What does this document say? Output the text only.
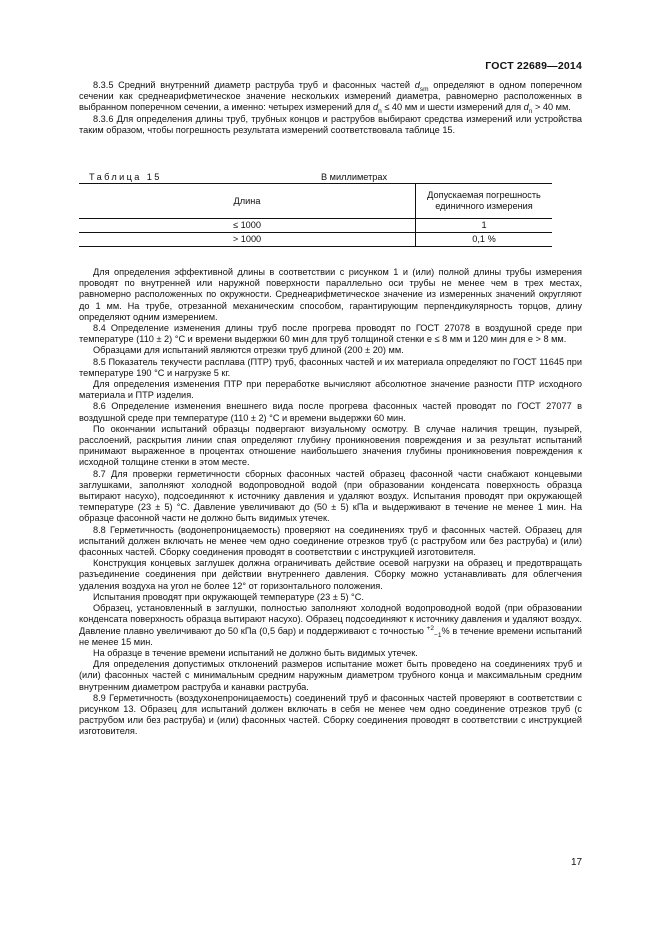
ГОСТ 22689—2014

8.3.5 Средний внутренний диаметр раструба труб и фасонных частей $d_{sm}$ определяют в одном поперечном сечении как среднеарифметическое значение нескольких измерений диаметра, равномерно расположенных в выбранном поперечном сечении, а именно: четырех измерений для $d_n \le 40$ мм и шести измерений для $d_n > 40$ мм.

8.3.6 Для определения длины труб, трубных концов и раструбов выбирают средства измерений или устройства таким образом, чтобы погрешность результата измерений соответствовала таблице 15.

Таблица 15	В миллиметрах
Длина	Допускаемая погрешность
единичного измерения
≤ 1000	1
> 1000	0,1 %

Для определения эффективной длины в соответствии с рисунком 1 и (или) полной длины трубы измерения проводят по внутренней или наружной поверхности параллельно оси трубы не менее чем в трех местах, равномерно расположенных по окружности. Среднеарифметическое значение из измеренных значений округляют до 1 мм. На трубе, отрезанной механическим способом, гарантирующим перпендикулярность торцов, длину определяют одним измерением.

8.4 Определение изменения длины труб после прогрева проводят по ГОСТ 27078 в воздушной среде при температуре (110 ± 2) °С и времени выдержки 60 мин для труб толщиной стенки е ≤ 8 мм и 120 мин для е > 8 мм.

Образцами для испытаний являются отрезки труб длиной (200 ± 20) мм.

8.5 Показатель текучести расплава (ПТР) труб, фасонных частей и их материала определяют по ГОСТ 11645 при температуре 190 °С и нагрузке 5 кг.

Для определения изменения ПТР при переработке вычисляют абсолютное значение разности ПТР исходного материала и ПТР изделия.

8.6 Определение изменения внешнего вида после прогрева фасонных частей проводят по ГОСТ 27077 в воздушной среде при температуре (110 ± 2) °С и времени выдержки 60 мин.

По окончании испытаний образцы подвергают визуальному осмотру. В случае наличия трещин, пузырей, расслоений, раскрытия линии спая определяют глубину проникновения повреждения и за результат испытаний принимают выраженное в процентах отношение наибольшего значения глубины проникновения повреждения к исходной толщине стенки в этом месте.

8.7 Для проверки герметичности сборных фасонных частей образец фасонной части снабжают концевыми заглушками, заполняют холодной водопроводной водой (при образовании конденсата поверхность образца вытирают насухо), подсоединяют к источнику давления и удаляют воздух. Испытания проводят при окружающей температуре (23 ± 5) °С. Давление увеличивают до (50 ± 5) кПа и выдерживают в течение не менее 1 мин. На образце фасонной части не должно быть видимых утечек.

8.8 Герметичность (водонепроницаемость) проверяют на соединениях труб и фасонных частей. Образец для испытаний должен включать не менее чем одно соединение отрезков труб (с раструбом или без раструба) и (или) фасонных частей. Сборку соединения проводят в соответствии с инструкцией изготовителя.

Конструкция концевых заглушек должна ограничивать действие осевой нагрузки на образец и предотвращать разъединение соединения при действии внутреннего давления. Сборку можно устанавливать для облегчения удаления воздуха на угол не более 12° от горизонтального положения.

Испытания проводят при окружающей температуре (23 ± 5) °С.

Образец, установленный в заглушки, полностью заполняют холодной водопроводной водой (при образовании конденсата поверхность образца вытирают насухо). Образец подсоединяют к источнику давления и удаляют воздух. Давление плавно увеличивают до 50 кПа (0,5 бар) и поддерживают с точностью $^{+2}_{-1}$% в течение времени испытаний не менее 15 мин.

На образце в течение времени испытаний не должно быть видимых утечек.

Для определения допустимых отклонений размеров испытание может быть проведено на соединениях труб и (или) фасонных частей с минимальным средним наружным диаметром трубного конца и максимальным средним внутренним диаметром раструба и канавки раструба.

8.9 Герметичность (воздухонепроницаемость) соединений труб и фасонных частей проверяют в соответствии с рисунком 13. Образец для испытаний должен включать в себя не менее чем одно соединение отрезков труб (с раструбом или без раструба) и (или) фасонных частей. Сборку соединения проводят в соответствии с инструкцией изготовителя.

17
